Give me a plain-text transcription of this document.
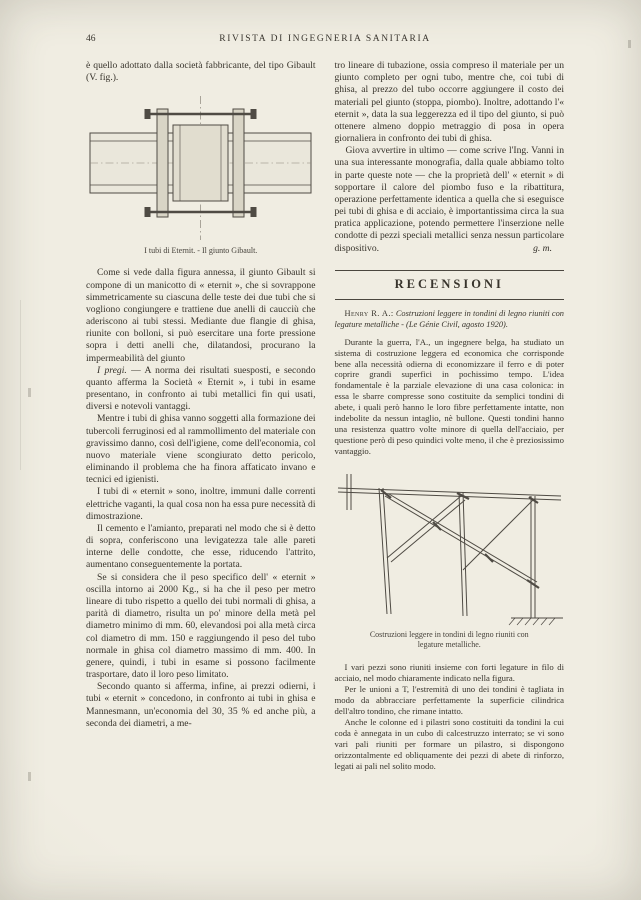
46	RIVISTA DI INGEGNERIA SANITARIA

è quello adottato dalla società fabbricante, del tipo Gibault (V. fig.).

I tubi di Eternit. - Il giunto Gibault.

Come si vede dalla figura annessa, il giunto Gibault si compone di un manicotto di « eternit », che si sovrappone simmetricamente su ciascuna delle teste dei due tubi che si vogliono congiungere e trattiene due anelli di caucciù che aderiscono ai tubi stessi. Mediante due flangie di ghisa, riunite con bolloni, si può esercitare una forte pressione sopra i detti anelli che, dilatandosi, procurano la impermeabilità del giunto

I pregi. — A norma dei risultati suesposti, e secondo quanto afferma la Società « Eternit », i tubi in esame presentano, in confronto ai tubi metallici fin qui usati, diversi e notevoli vantaggi.

Mentre i tubi di ghisa vanno soggetti alla formazione dei tubercoli ferruginosi ed al rammollimento del materiale con gravissimo danno, così dell'igiene, come dell'economia, col nuovo materiale viene scongiurato detto pericolo, eliminando il problema che ha finora affaticato invano e tecnici ed igienisti.

I tubi di « eternit » sono, inoltre, immuni dalle correnti elettriche vaganti, la qual cosa non ha essa pure necessità di dimostrazione.

Il cemento e l'amianto, preparati nel modo che si è detto di sopra, conferiscono una levigatezza tale alle pareti interne delle condotte, che esse, riducendo l'attrito, aumentano conseguentemente la portata.

Se si considera che il peso specifico dell' « eternit » oscilla intorno ai 2000 Kg., si ha che il peso per metro lineare di tubo rispetto a quello dei tubi normali di ghisa, a parità di diametro, risulta un po' minore della metà pel diametro minimo di mm. 60, elevandosi poi alla metà circa col diametro di mm. 150 e raggiungendo il peso del tubo normale in ghisa col diametro massimo di mm. 400. In genere, quindi, i tubi in esame si possono facilmente trasportare, dato il loro peso limitato.

Secondo quanto si afferma, infine, ai prezzi odierni, i tubi « eternit » concedono, in confronto ai tubi in ghisa e Mannesmann, un'economia del 30, 35 % ed anche più, a seconda dei diametri, a me-

tro lineare di tubazione, ossia compreso il materiale per un giunto completo per ogni tubo, mentre che, coi tubi di ghisa, al prezzo del tubo occorre aggiungere il costo dei materiali pel giunto (stoppa, piombo). Inoltre, adottando l'« eternit », data la sua leggerezza ed il tipo del giunto, si può ottenere almeno doppio metraggio di posa in opera giornaliera in confronto dei tubi di ghisa.

Giova avvertire in ultimo — come scrive l'Ing. Vanni in una sua interessante monografia, dalla quale abbiamo tolto in parte queste note — che la proprietà dell' « eternit » di sopportare il calore del piombo fuso e la ribattitura, operazione perfettamente identica a quella che si eseguisce pei tubi di ghisa e di acciaio, è importantissima circa la sua pratica applicazione, potendo permettere l'inserzione nelle condotte di pezzi speciali metallici senza nessun particolare dispositivo.	g. m.

RECENSIONI

Henry R. A.: Costruzioni leggere in tondini di legno riuniti con legature metalliche - (Le Génie Civil, agosto 1920).

Durante la guerra, l'A., un ingegnere belga, ha studiato un sistema di costruzione leggera ed economica che corrisponde bene alla necessità odierna di economizzare il ferro e di poter coprire grandi superfici in pochissimo tempo. L'idea fondamentale è la parziale elevazione di una casa colonica: in essa le sbarre compresse sono costituite da semplici tondini di abete, i quali però hanno le loro fibre perfettamente intatte, non indebolite da nessun intaglio, nè bullone. Questi tondini hanno una resistenza quattro volte minore di quella dell'acciaio, per questione però di peso quindici volte meno, il che è preziosissimo vantaggio.

Costruzioni leggere in tondini di legno riuniti con legature metalliche.

I vari pezzi sono riuniti insieme con forti legature in filo di acciaio, nel modo chiaramente indicato nella figura.

Per le unioni a T, l'estremità di uno dei tondini è tagliata in modo da abbracciare perfettamente la superficie cilindrica dell'altro tondino, che rimane intatto.

Anche le colonne ed i pilastri sono costituiti da tondini la cui coda è annegata in un cubo di calcestruzzo interrato; se vi sono vari pali riuniti per formare un pilastro, si dispongono orizzontalmente ed obliquamente dei pezzi di abete di rinforzo, legati ai pali nel solito modo.
